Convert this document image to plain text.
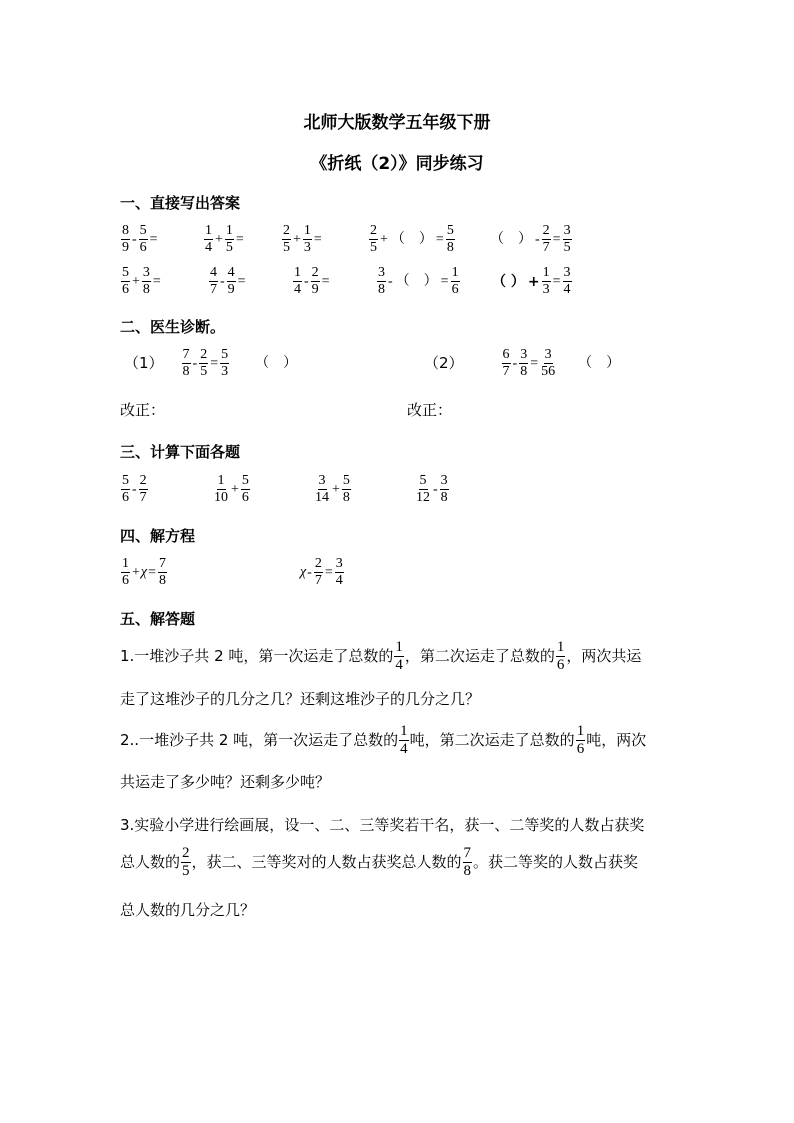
北师大版数学五年级下册
《折纸（2）》同步练习
一、直接写出答案
$\frac{8}{9} - \frac{5}{6}$ =	$\frac{1}{4} + \frac{1}{5}$ =	$\frac{2}{5} + \frac{1}{3}$ =	$\frac{2}{5}$ + （　） = $\frac{5}{8}$	（　） - $\frac{2}{7} = \frac{3}{5}$
$\frac{5}{6} + \frac{3}{8}$ =	$\frac{4}{7} - \frac{4}{9}$ =	$\frac{1}{4} - \frac{2}{9}$ =	$\frac{3}{8}$ - （　） = $\frac{1}{6}$ （ ） + $\frac{1}{3} = \frac{3}{4}$
二、医生诊断。
$(1) \frac{7}{8} - \frac{2}{5} = \frac{5}{3}$ （　）	（2）	$\frac{6}{7} - \frac{3}{8} = \frac{3}{56}$ （　）
改正：	改正：
三、计算下面各题
$\frac{5}{6} - \frac{2}{7}$	$\frac{1}{10} + \frac{5}{6}$	$\frac{3}{14} + \frac{5}{8}$	$\frac{5}{12} - \frac{3}{8}$
四、解方程
$\frac{1}{6} +\chi= \frac{7}{8}$	$\chi- \frac{2}{7} = \frac{3}{4}$
五、解答题
1.一堆沙子共 2 吨，第一次运走了总数的 $\frac{1}{4}$ ，第二次运走了总数的 $\frac{1}{6}$ ，两次共运
走了这堆沙子的几分之几？还剩这堆沙子的几分之几？
2..一堆沙子共 2 吨，第一次运走了总数的 $\frac{1}{4}$ 吨，第二次运走了总数的 $\frac{1}{6}$ 吨，两次
共运走了多少吨？还剩多少吨？
3.实验小学进行绘画展，设一、二、三等奖若干名，获一、二等奖的人数占获奖
总人数的 $\frac{2}{5}$ ，获二、三等奖对的人数占获奖总人数的 $\frac{7}{8}$ 。获二等奖的人数占获奖
总人数的几分之几？
